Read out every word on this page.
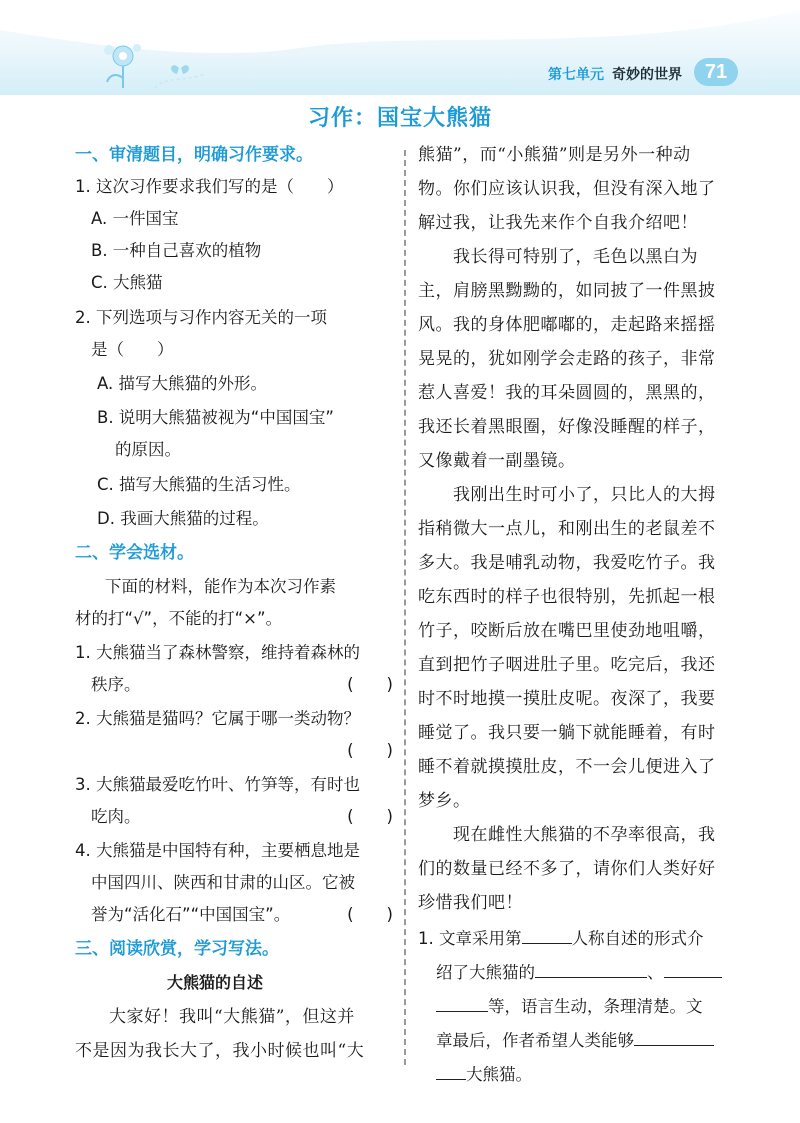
第七单元 奇妙的世界	71
习作：国宝大熊猫
一、审清题目，明确习作要求。
1. 这次习作要求我们写的是（　　）
A. 一件国宝
B. 一种自己喜欢的植物
C. 大熊猫
2. 下列选项与习作内容无关的一项
是（　　）
A. 描写大熊猫的外形。
B. 说明大熊猫被视为“中国国宝”
的原因。
C. 描写大熊猫的生活习性。
D. 我画大熊猫的过程。
二、学会选材。
下面的材料，能作为本次习作素
材的打“√”，不能的打“×”。
1. 大熊猫当了森林警察，维持着森林的
秩序。	(　　)
2. 大熊猫是猫吗？它属于哪一类动物？
(　　)
3. 大熊猫最爱吃竹叶、竹笋等，有时也
吃肉。	(　　)
4. 大熊猫是中国特有种，主要栖息地是
中国四川、陕西和甘肃的山区。它被
誉为“活化石”“中国国宝”。	(　　)
三、阅读欣赏，学习写法。
大熊猫的自述
大家好！我叫“大熊猫”，但这并
不是因为我长大了，我小时候也叫“大
熊猫”，而“小熊猫”则是另外一种动
物。你们应该认识我，但没有深入地了
解过我，让我先来作个自我介绍吧！
　　我长得可特别了，毛色以黑白为
主，肩膀黑黝黝的，如同披了一件黑披
风。我的身体肥嘟嘟的，走起路来摇摇
晃晃的，犹如刚学会走路的孩子，非常
惹人喜爱！我的耳朵圆圆的，黑黑的，
我还长着黑眼圈，好像没睡醒的样子，
又像戴着一副墨镜。
　　我刚出生时可小了，只比人的大拇
指稍微大一点儿，和刚出生的老鼠差不
多大。我是哺乳动物，我爱吃竹子。我
吃东西时的样子也很特别，先抓起一根
竹子，咬断后放在嘴巴里使劲地咀嚼，
直到把竹子咽进肚子里。吃完后，我还
时不时地摸一摸肚皮呢。夜深了，我要
睡觉了。我只要一躺下就能睡着，有时
睡不着就摸摸肚皮，不一会儿便进入了
梦乡。
　　现在雌性大熊猫的不孕率很高，我
们的数量已经不多了，请你们人类好好
珍惜我们吧！
1. 文章采用第	人称自述的形式介
绍了大熊猫的	、
等，语言生动，条理清楚。文
章最后，作者希望人类能够
大熊猫。
